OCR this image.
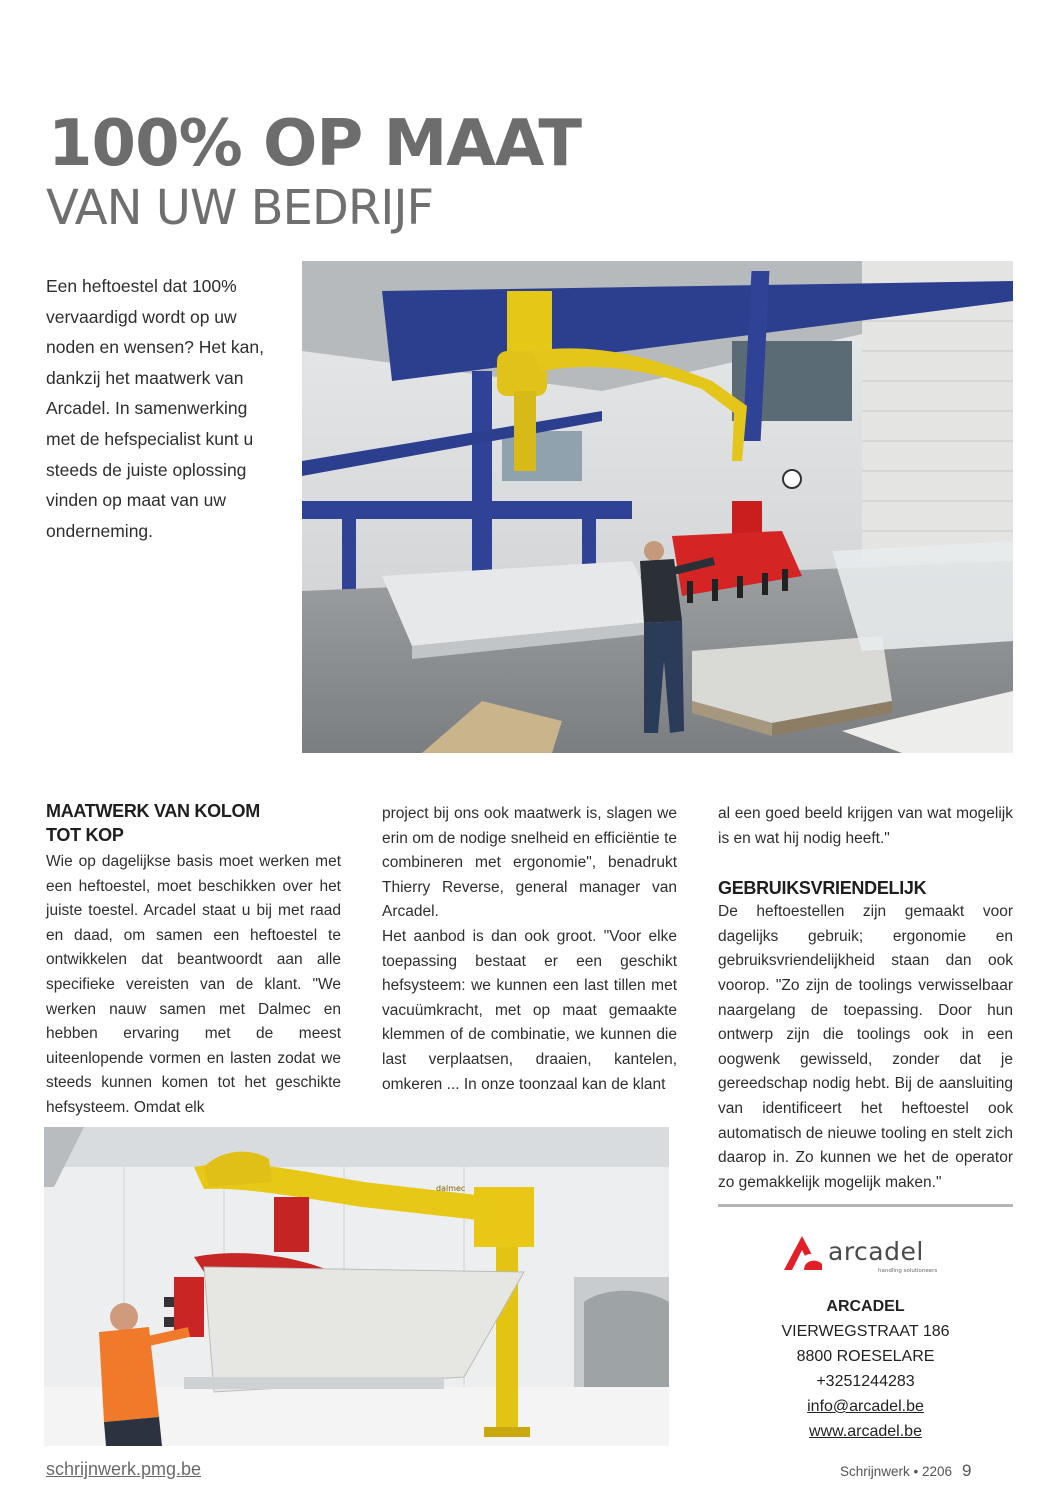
100% OP MAAT
VAN UW BEDRIJF
Een heftoestel dat 100%
vervaardigd wordt op uw
noden en wensen? Het kan,
dankzij het maatwerk van
Arcadel. In samenwerking
met de hefspecialist kunt u
steeds de juiste oplossing
vinden op maat van uw
onderneming.
MAATWERK VAN KOLOM
TOT KOP

Wie op dagelijkse basis moet werken met een heftoestel, moet beschikken over het juiste toestel. Arcadel staat u bij met raad en daad, om samen een heftoestel te ontwikkelen dat beantwoordt aan alle specifieke vereisten van de klant. "We werken nauw samen met Dalmec en hebben ervaring met de meest uiteenlopende vormen en lasten zodat we steeds kunnen komen tot het geschikte hefsysteem. Omdat elk

project bij ons ook maatwerk is, slagen we erin om de nodige snelheid en efficiëntie te combineren met ergonomie", benadrukt Thierry Reverse, general manager van Arcadel.

Het aanbod is dan ook groot. "Voor elke toepassing bestaat er een geschikt hefsysteem: we kunnen een last tillen met vacuümkracht, met op maat gemaakte klemmen of de combinatie, we kunnen die last verplaatsen, draaien, kantelen, omkeren ... In onze toonzaal kan de klant

al een goed beeld krijgen van wat mogelijk is en wat hij nodig heeft."

GEBRUIKSVRIENDELIJK

De heftoestellen zijn gemaakt voor dagelijks gebruik; ergonomie en gebruiksvriendelijkheid staan dan ook voorop. "Zo zijn de toolings verwisselbaar naargelang de toepassing. Door hun ontwerp zijn die toolings ook in een oogwenk gewisseld, zonder dat je gereedschap nodig hebt. Bij de aansluiting van identificeert het heftoestel ook automatisch de nieuwe tooling en stelt zich daarop in. Zo kunnen we het de operator zo gemakkelijk mogelijk maken."

dalmec
arcadel
handling solutioneers
ARCADEL
VIERWEGSTRAAT 186
8800 ROESELARE
+3251244283
info@arcadel.be
www.arcadel.be
schrijnwerk.pmg.be	Schrijnwerk • 2206 9
